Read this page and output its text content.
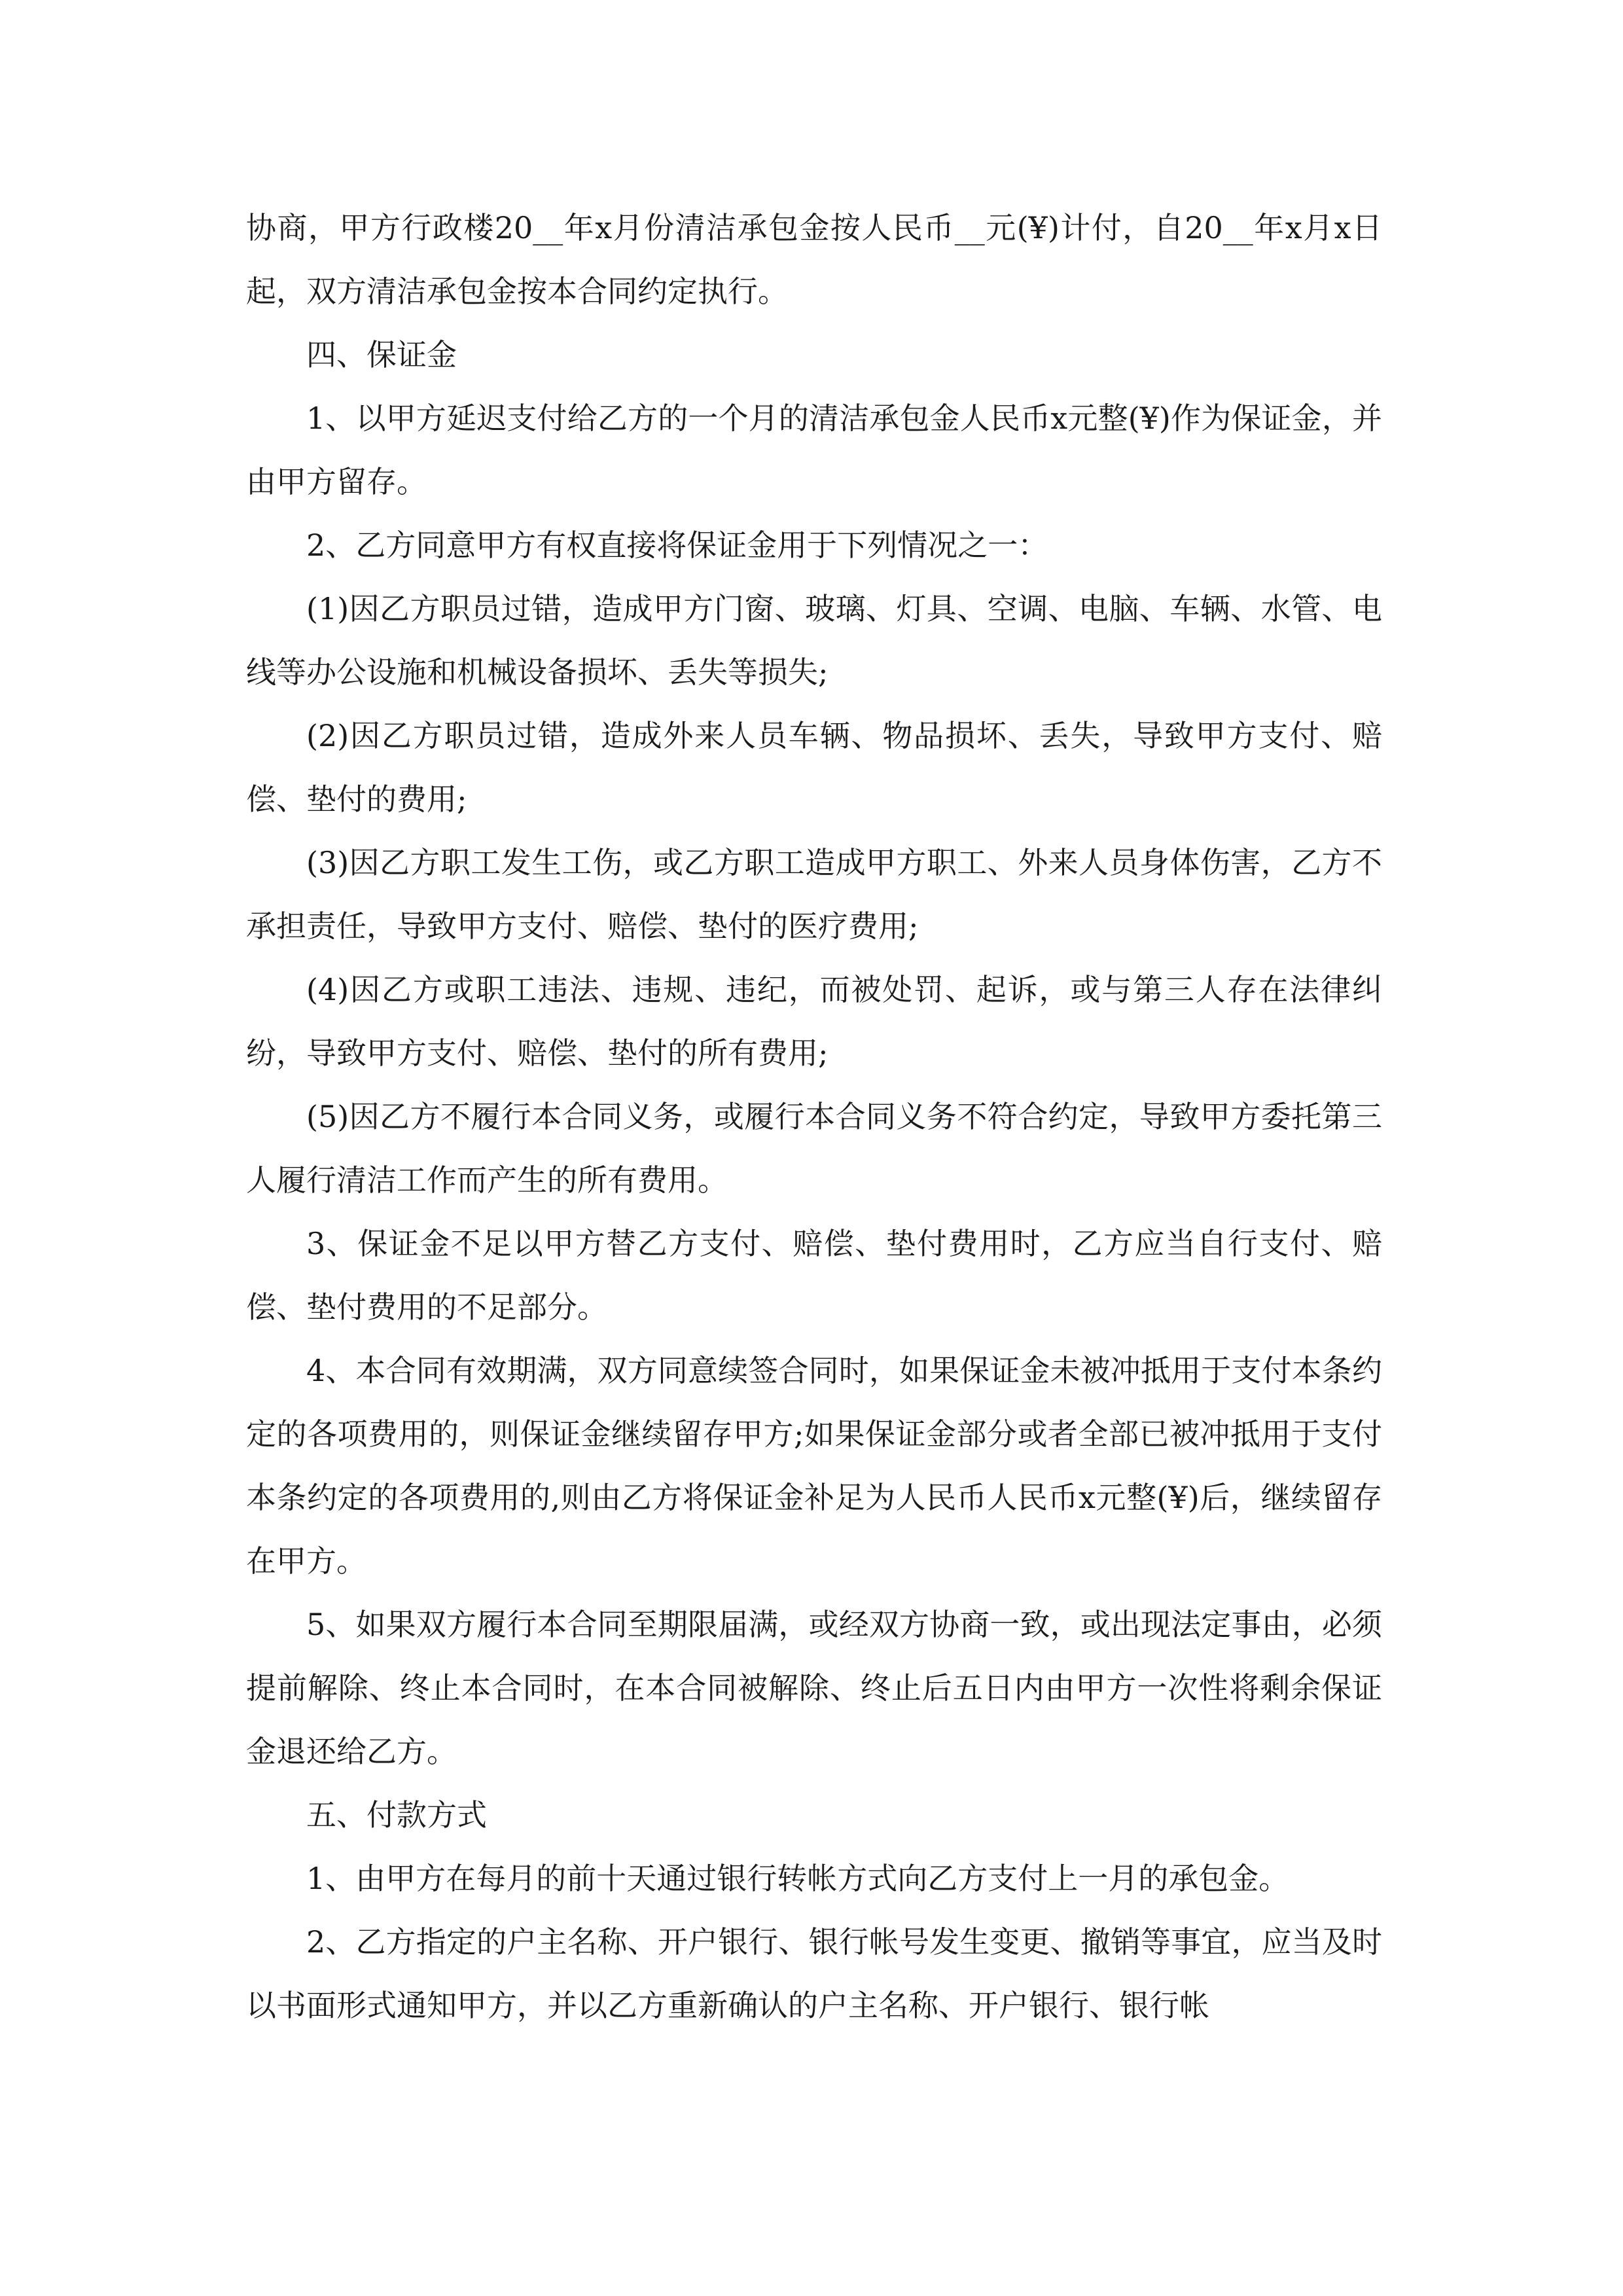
协商，甲方行政楼20__年x月份清洁承包金按人民币__元(¥)计付，自20__年x月x日起，双方清洁承包金按本合同约定执行。

四、保证金

1、以甲方延迟支付给乙方的一个月的清洁承包金人民币x元整(¥)作为保证金，并由甲方留存。

2、乙方同意甲方有权直接将保证金用于下列情况之一：

(1)因乙方职员过错，造成甲方门窗、玻璃、灯具、空调、电脑、车辆、水管、电线等办公设施和机械设备损坏、丢失等损失;

(2)因乙方职员过错，造成外来人员车辆、物品损坏、丢失，导致甲方支付、赔偿、垫付的费用;

(3)因乙方职工发生工伤，或乙方职工造成甲方职工、外来人员身体伤害，乙方不承担责任，导致甲方支付、赔偿、垫付的医疗费用;

(4)因乙方或职工违法、违规、违纪，而被处罚、起诉，或与第三人存在法律纠纷，导致甲方支付、赔偿、垫付的所有费用;

(5)因乙方不履行本合同义务，或履行本合同义务不符合约定，导致甲方委托第三人履行清洁工作而产生的所有费用。

3、保证金不足以甲方替乙方支付、赔偿、垫付费用时，乙方应当自行支付、赔偿、垫付费用的不足部分。

4、本合同有效期满，双方同意续签合同时，如果保证金未被冲抵用于支付本条约定的各项费用的，则保证金继续留存甲方;如果保证金部分或者全部已被冲抵用于支付本条约定的各项费用的,则由乙方将保证金补足为人民币人民币x元整(¥)后，继续留存在甲方。

5、如果双方履行本合同至期限届满，或经双方协商一致，或出现法定事由，必须提前解除、终止本合同时，在本合同被解除、终止后五日内由甲方一次性将剩余保证金退还给乙方。

五、付款方式

1、由甲方在每月的前十天通过银行转帐方式向乙方支付上一月的承包金。

2、乙方指定的户主名称、开户银行、银行帐号发生变更、撤销等事宜，应当及时以书面形式通知甲方，并以乙方重新确认的户主名称、开户银行、银行帐
